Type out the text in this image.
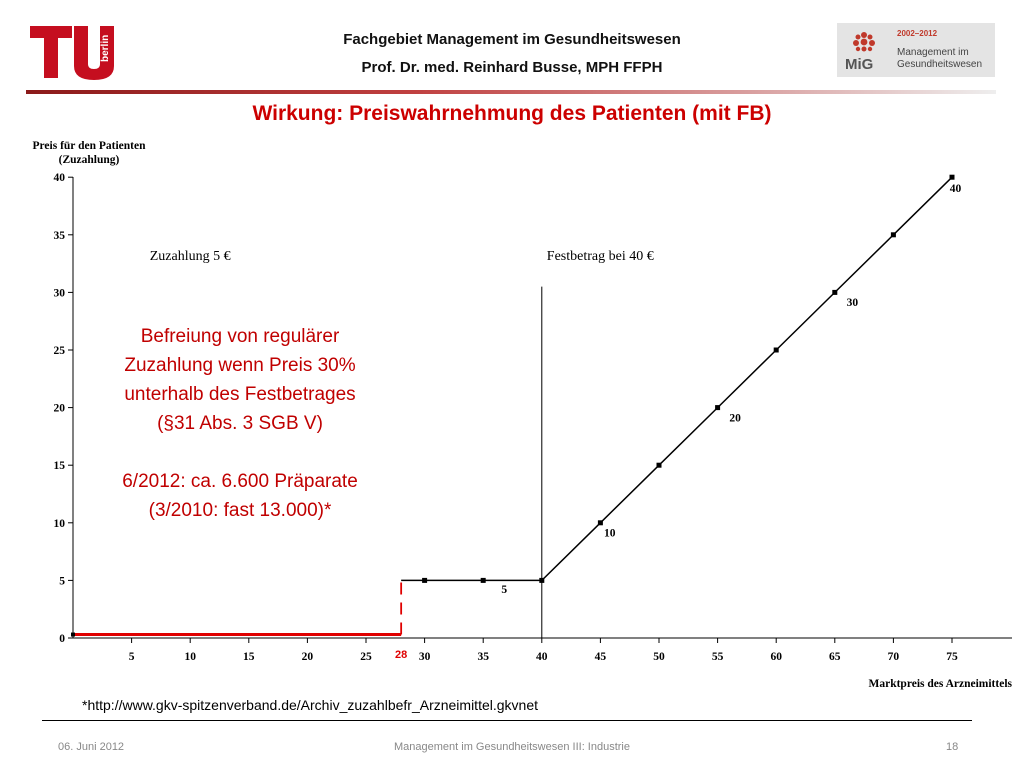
berlin	Fachgebiet Management im Gesundheitswesen
Prof. Dr. med. Reinhard Busse, MPH FFPH	MiG
2002–2012
Management im
Gesundheitswesen
Wirkung: Preiswahrnehmung des Patienten (mit FB)
Preis für den Patienten
(Zuzahlung)
Marktpreis des Arzneimittels
0
5
10
15
20
25
30
35
40
5	10	15	20	25	30	35	40	45	50	55	60	65	70	75
28
Festbetrag bei 40 €
Zuzahlung 5 €
5
10
20
30
40
Befreiung von regulärer
Zuzahlung wenn Preis 30%
unterhalb des Festbetrages
(§31 Abs. 3 SGB V)

6/2012: ca. 6.600 Präparate
(3/2010: fast 13.000)*
*http://www.gkv-spitzenverband.de/Archiv_zuzahlbefr_Arzneimittel.gkvnet
06. Juni 2012	Management im Gesundheitswesen III: Industrie	18
